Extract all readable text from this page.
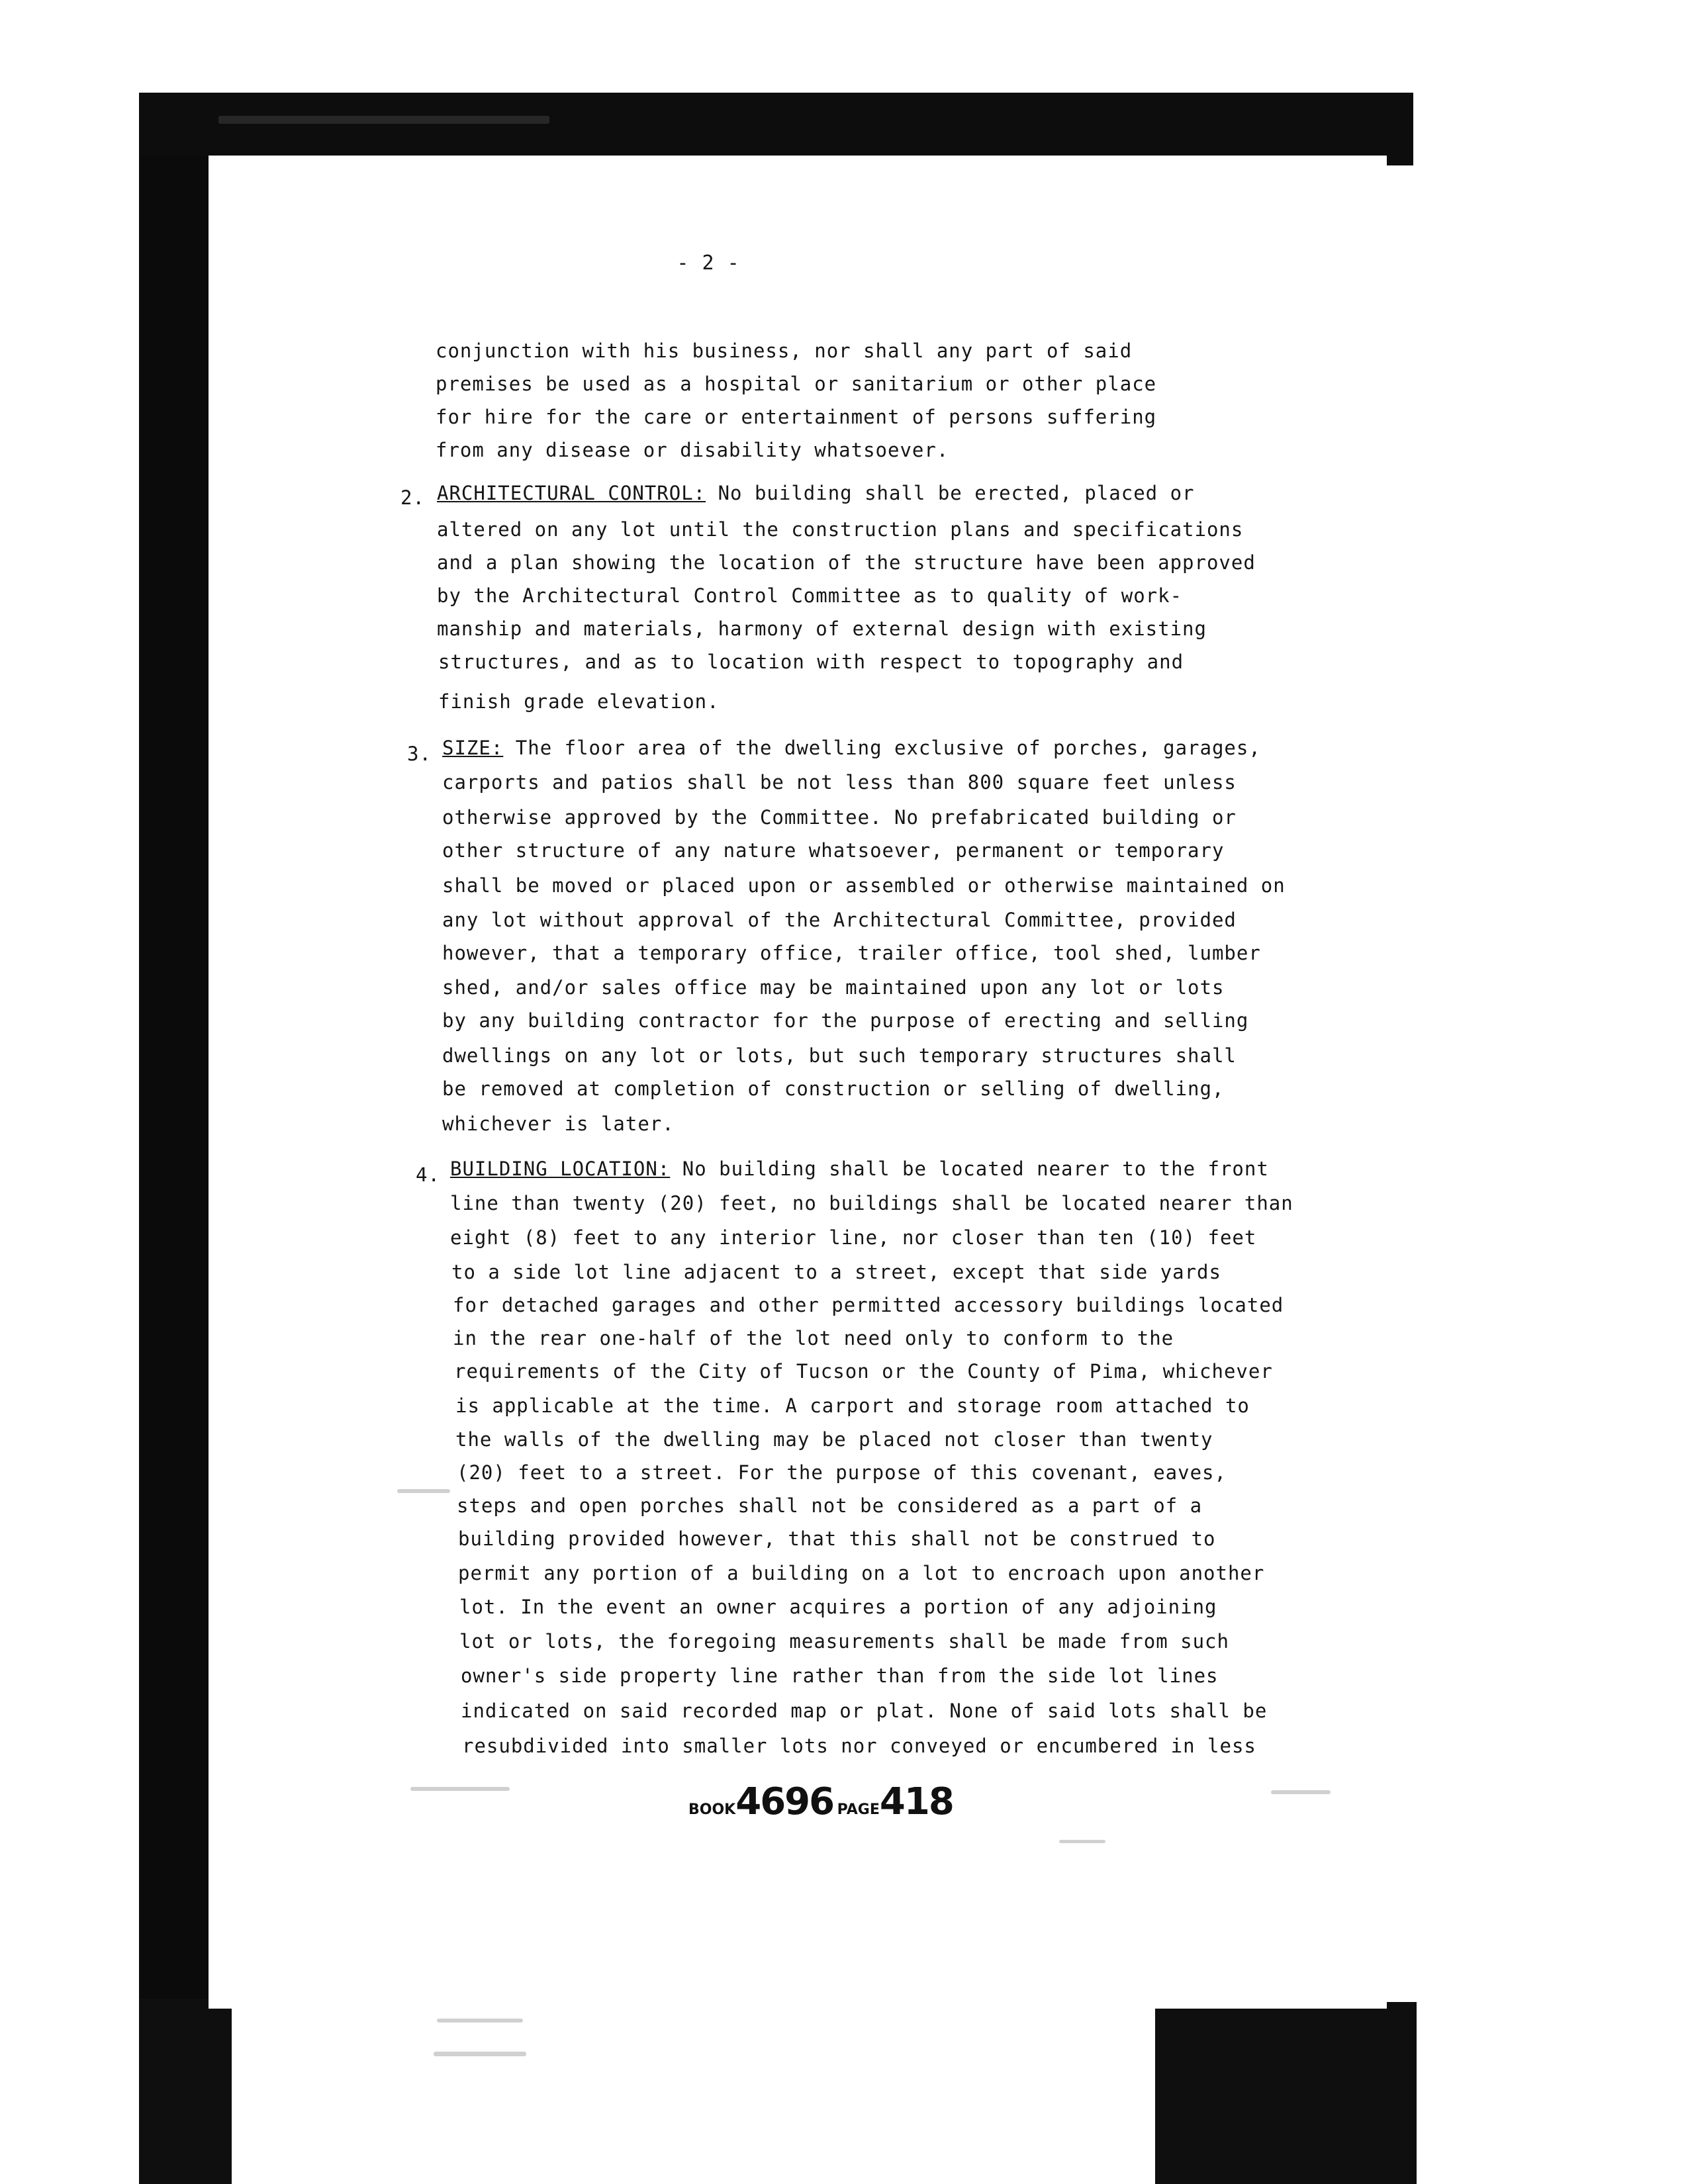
- 2 -
conjunction with his business, nor shall any part of said
premises be used as a hospital or sanitarium or other place
for hire for the care or entertainment of persons suffering
from any disease or disability whatsoever.
2. ARCHITECTURAL CONTROL: No building shall be erected, placed or
altered on any lot until the construction plans and specifications
and a plan showing the location of the structure have been approved
by the Architectural Control Committee as to quality of work-
manship and materials, harmony of external design with existing
structures, and as to location with respect to topography and
finish grade elevation.
3. SIZE: The floor area of the dwelling exclusive of porches, garages,
carports and patios shall be not less than 800 square feet unless
otherwise approved by the Committee. No prefabricated building or
other structure of any nature whatsoever, permanent or temporary
shall be moved or placed upon or assembled or otherwise maintained on
any lot without approval of the Architectural Committee, provided
however, that a temporary office, trailer office, tool shed, lumber
shed, and/or sales office may be maintained upon any lot or lots
by any building contractor for the purpose of erecting and selling
dwellings on any lot or lots, but such temporary structures shall
be removed at completion of construction or selling of dwelling,
whichever is later.
4. BUILDING LOCATION: No building shall be located nearer to the front
line than twenty (20) feet, no buildings shall be located nearer than
eight (8) feet to any interior line, nor closer than ten (10) feet
to a side lot line adjacent to a street, except that side yards
for detached garages and other permitted accessory buildings located
in the rear one-half of the lot need only to conform to the
requirements of the City of Tucson or the County of Pima, whichever
is applicable at the time. A carport and storage room attached to
the walls of the dwelling may be placed not closer than twenty
(20) feet to a street. For the purpose of this covenant, eaves,
steps and open porches shall not be considered as a part of a
building provided however, that this shall not be construed to
permit any portion of a building on a lot to encroach upon another
lot. In the event an owner acquires a portion of any adjoining
lot or lots, the foregoing measurements shall be made from such
owner's side property line rather than from the side lot lines
indicated on said recorded map or plat. None of said lots shall be
resubdivided into smaller lots nor conveyed or encumbered in less
BOOK4696 PAGE418
